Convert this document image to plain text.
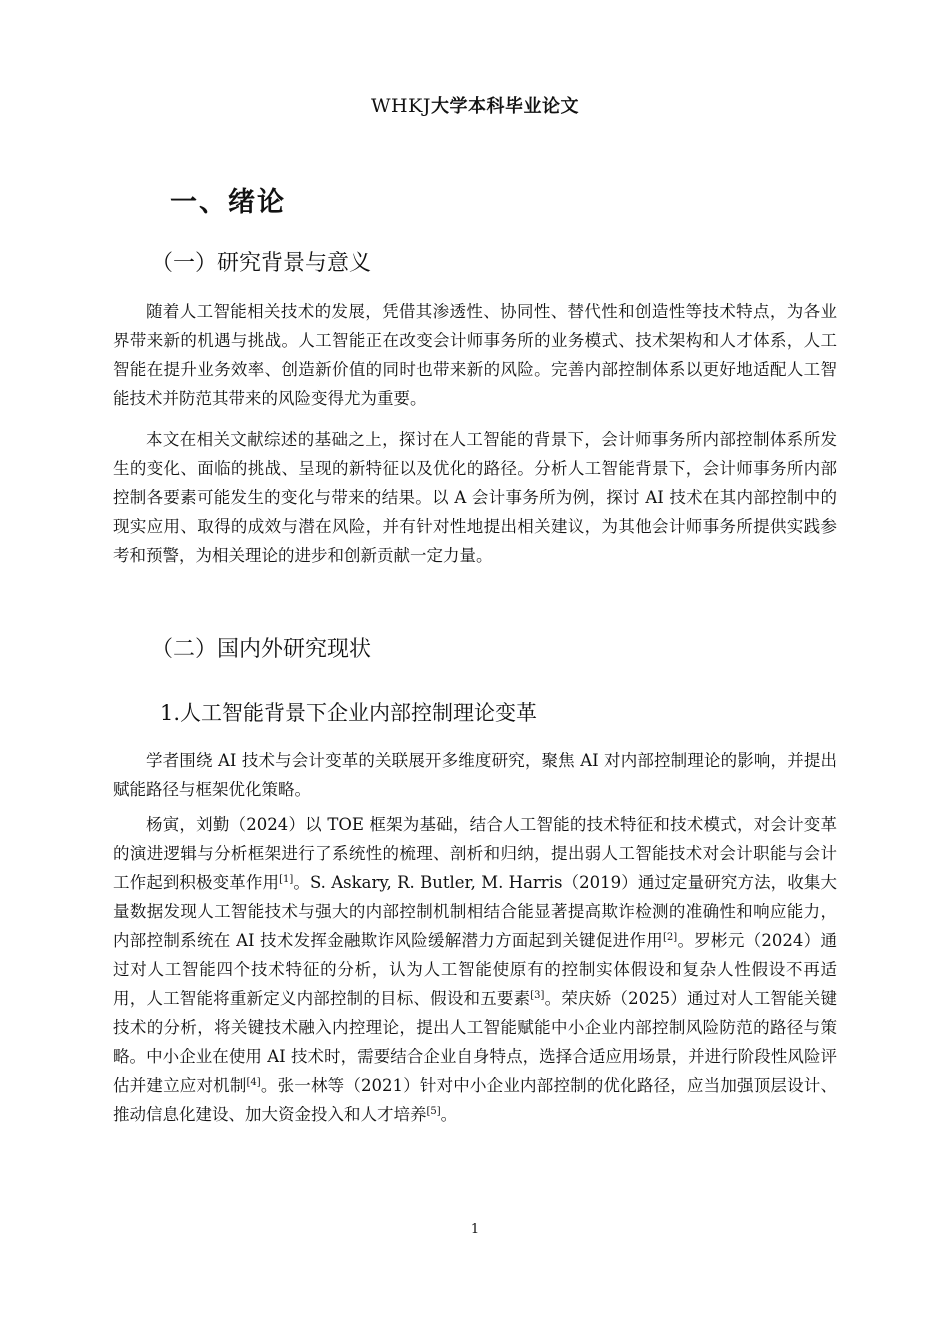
WHKJ大学本科毕业论文
一、绪论
（一）研究背景与意义

随着人工智能相关技术的发展，凭借其渗透性、协同性、替代性和创造性等技术特点，为各业界带来新的机遇与挑战。人工智能正在改变会计师事务所的业务模式、技术架构和人才体系，人工智能在提升业务效率、创造新价值的同时也带来新的风险。完善内部控制体系以更好地适配人工智能技术并防范其带来的风险变得尤为重要。

本文在相关文献综述的基础之上，探讨在人工智能的背景下，会计师事务所内部控制体系所发生的变化、面临的挑战、呈现的新特征以及优化的路径。分析人工智能背景下，会计师事务所内部控制各要素可能发生的变化与带来的结果。以 A 会计事务所为例，探讨 AI 技术在其内部控制中的现实应用、取得的成效与潜在风险，并有针对性地提出相关建议，为其他会计师事务所提供实践参考和预警，为相关理论的进步和创新贡献一定力量。

（二）国内外研究现状
1.人工智能背景下企业内部控制理论变革

学者围绕 AI 技术与会计变革的关联展开多维度研究，聚焦 AI 对内部控制理论的影响，并提出赋能路径与框架优化策略。

杨寅，刘勤（2024）以 TOE 框架为基础，结合人工智能的技术特征和技术模式，对会计变革的演进逻辑与分析框架进行了系统性的梳理、剖析和归纳，提出弱人工智能技术对会计职能与会计工作起到积极变革作用[1]。S. Askary, R. Butler, M. Harris（2019）通过定量研究方法，收集大量数据发现人工智能技术与强大的内部控制机制相结合能显著提高欺诈检测的准确性和响应能力，内部控制系统在 AI 技术发挥金融欺诈风险缓解潜力方面起到关键促进作用[2]。罗彬元（2024）通过对人工智能四个技术特征的分析，认为人工智能使原有的控制实体假设和复杂人性假设不再适用，人工智能将重新定义内部控制的目标、假设和五要素[3]。荣庆娇（2025）通过对人工智能关键技术的分析，将关键技术融入内控理论，提出人工智能赋能中小企业内部控制风险防范的路径与策略。中小企业在使用 AI 技术时，需要结合企业自身特点，选择合适应用场景，并进行阶段性风险评估并建立应对机制[4]。张一林等（2021）针对中小企业内部控制的优化路径，应当加强顶层设计、推动信息化建设、加大资金投入和人才培养[5]。

1
